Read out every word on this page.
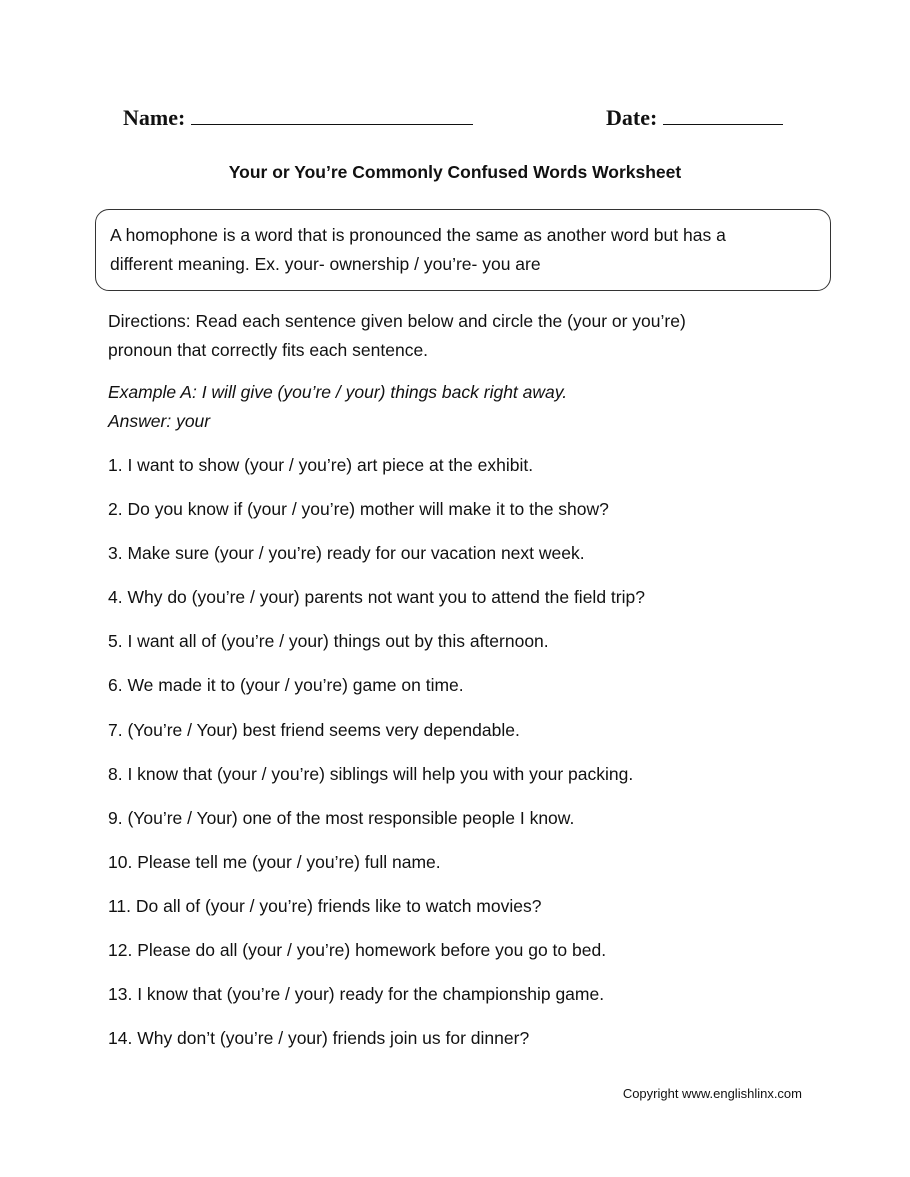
Name:	Date:
Your or You’re Commonly Confused Words Worksheet
A homophone is a word that is pronounced the same as another word but has a
different meaning. Ex. your- ownership / you’re- you are
Directions: Read each sentence given below and circle the (your or you’re)
pronoun that correctly fits each sentence.
Example A: I will give (you’re / your) things back right away.
Answer: your
1. I want to show (your / you’re) art piece at the exhibit.
2. Do you know if (your / you’re) mother will make it to the show?
3. Make sure (your / you’re) ready for our vacation next week.
4. Why do (you’re / your) parents not want you to attend the field trip?
5. I want all of (you’re / your) things out by this afternoon.
6. We made it to (your / you’re) game on time.
7. (You’re / Your) best friend seems very dependable.
8. I know that (your / you’re) siblings will help you with your packing.
9. (You’re / Your) one of the most responsible people I know.
10. Please tell me (your / you’re) full name.
11. Do all of (your / you’re) friends like to watch movies?
12. Please do all (your / you’re) homework before you go to bed.
13. I know that (you’re / your) ready for the championship game.
14. Why don’t (you’re / your) friends join us for dinner?
Copyright www.englishlinx.com
